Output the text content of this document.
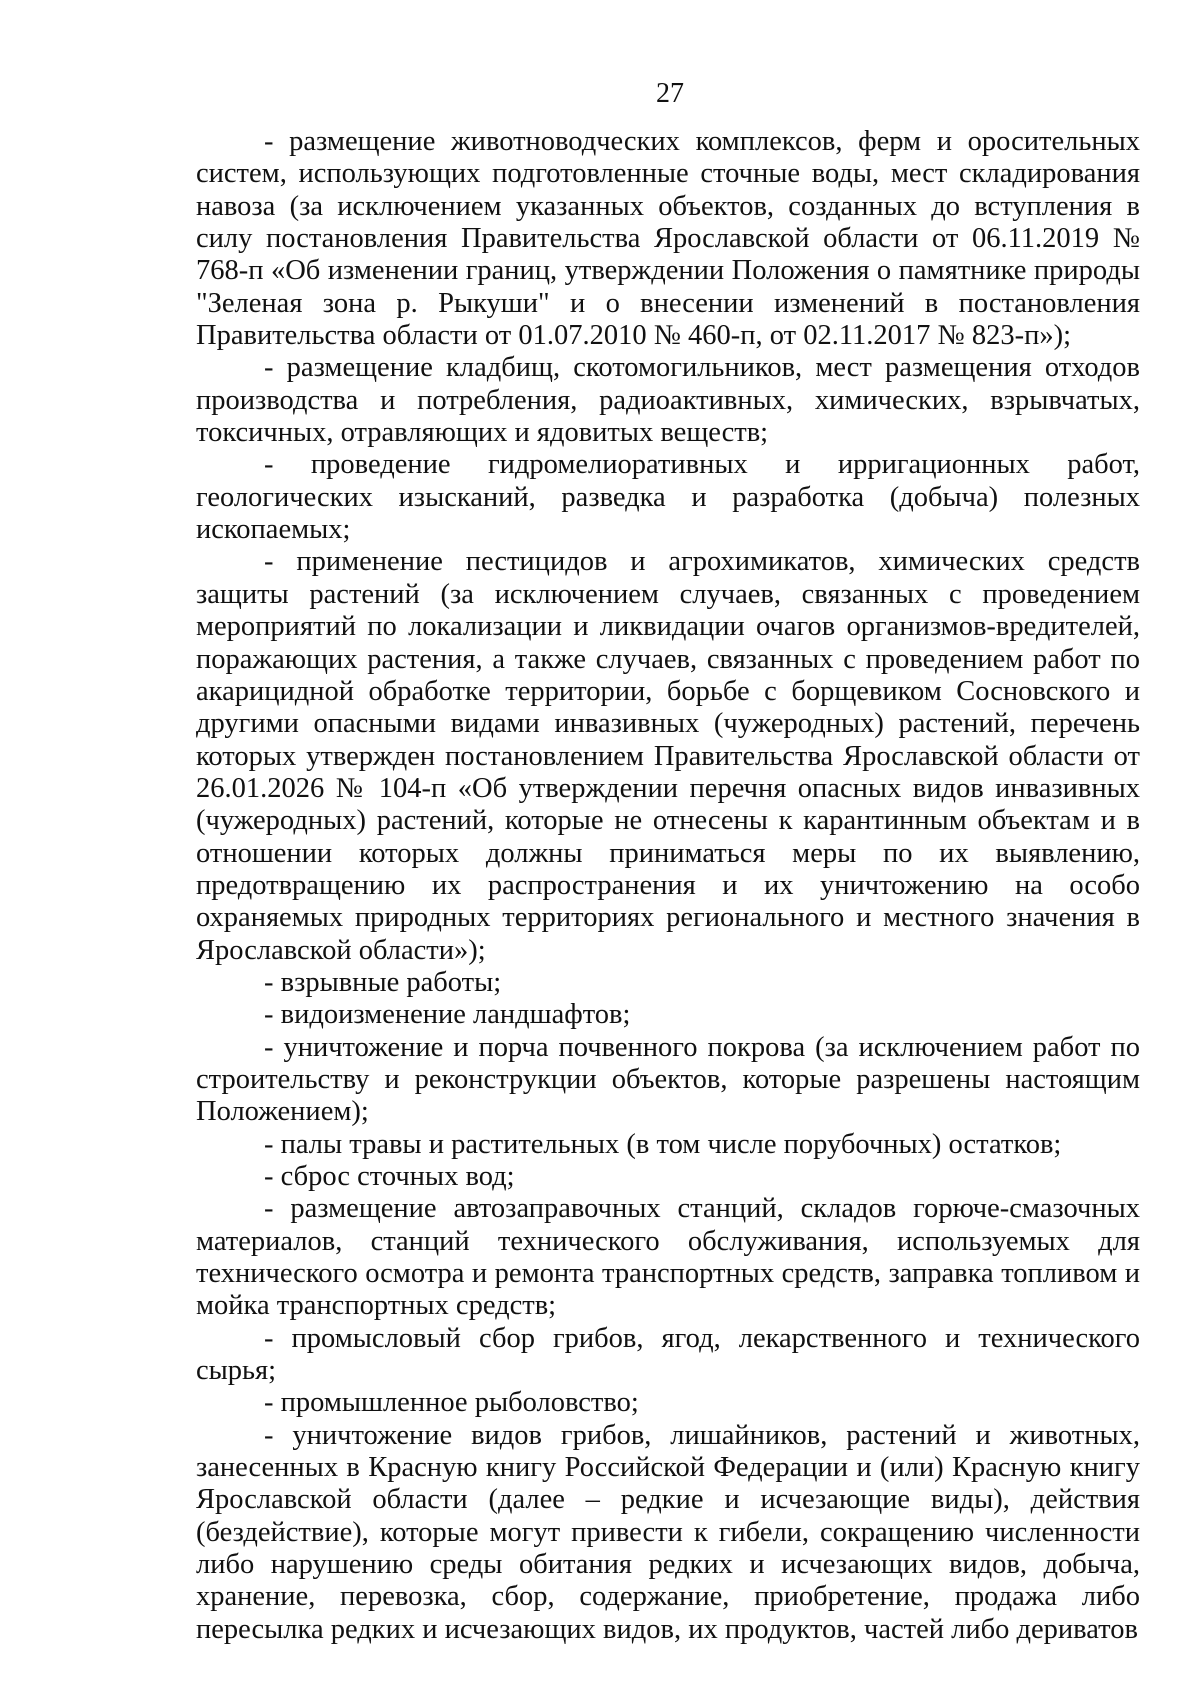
27

- размещение животноводческих комплексов, ферм и оросительных систем, использующих подготовленные сточные воды, мест складирования навоза (за исключением указанных объектов, созданных до вступления в силу постановления Правительства Ярославской области от 06.11.2019 № 768-п «Об изменении границ, утверждении Положения о памятнике природы "Зеленая зона р. Рыкуши" и о внесении изменений в постановления Правительства области от 01.07.2010 № 460-п, от 02.11.2017 № 823-п»);

- размещение кладбищ, скотомогильников, мест размещения отходов производства и потребления, радиоактивных, химических, взрывчатых, токсичных, отравляющих и ядовитых веществ;

- проведение гидромелиоративных и ирригационных работ, геологических изысканий, разведка и разработка (добыча) полезных ископаемых;

- применение пестицидов и агрохимикатов, химических средств защиты растений (за исключением случаев, связанных с проведением мероприятий по локализации и ликвидации очагов организмов-вредителей, поражающих растения, а также случаев, связанных с проведением работ по акарицидной обработке территории, борьбе с борщевиком Сосновского и другими опасными видами инвазивных (чужеродных) растений, перечень которых утвержден постановлением Правительства Ярославской области от 26.01.2026 № 104-п «Об утверждении перечня опасных видов инвазивных (чужеродных) растений, которые не отнесены к карантинным объектам и в отношении которых должны приниматься меры по их выявлению, предотвращению их распространения и их уничтожению на особо охраняемых природных территориях регионального и местного значения в Ярославской области»);

- взрывные работы;

- видоизменение ландшафтов;

- уничтожение и порча почвенного покрова (за исключением работ по строительству и реконструкции объектов, которые разрешены настоящим Положением);

- палы травы и растительных (в том числе порубочных) остатков;

- сброс сточных вод;

- размещение автозаправочных станций, складов горюче-смазочных материалов, станций технического обслуживания, используемых для технического осмотра и ремонта транспортных средств, заправка топливом и мойка транспортных средств;

- промысловый сбор грибов, ягод, лекарственного и технического сырья;

- промышленное рыболовство;

- уничтожение видов грибов, лишайников, растений и животных, занесенных в Красную книгу Российской Федерации и (или) Красную книгу Ярославской области (далее – редкие и исчезающие виды), действия (бездействие), которые могут привести к гибели, сокращению численности либо нарушению среды обитания редких и исчезающих видов, добыча, хранение, перевозка, сбор, содержание, приобретение, продажа либо пересылка редких и исчезающих видов, их продуктов, частей либо дериватов
